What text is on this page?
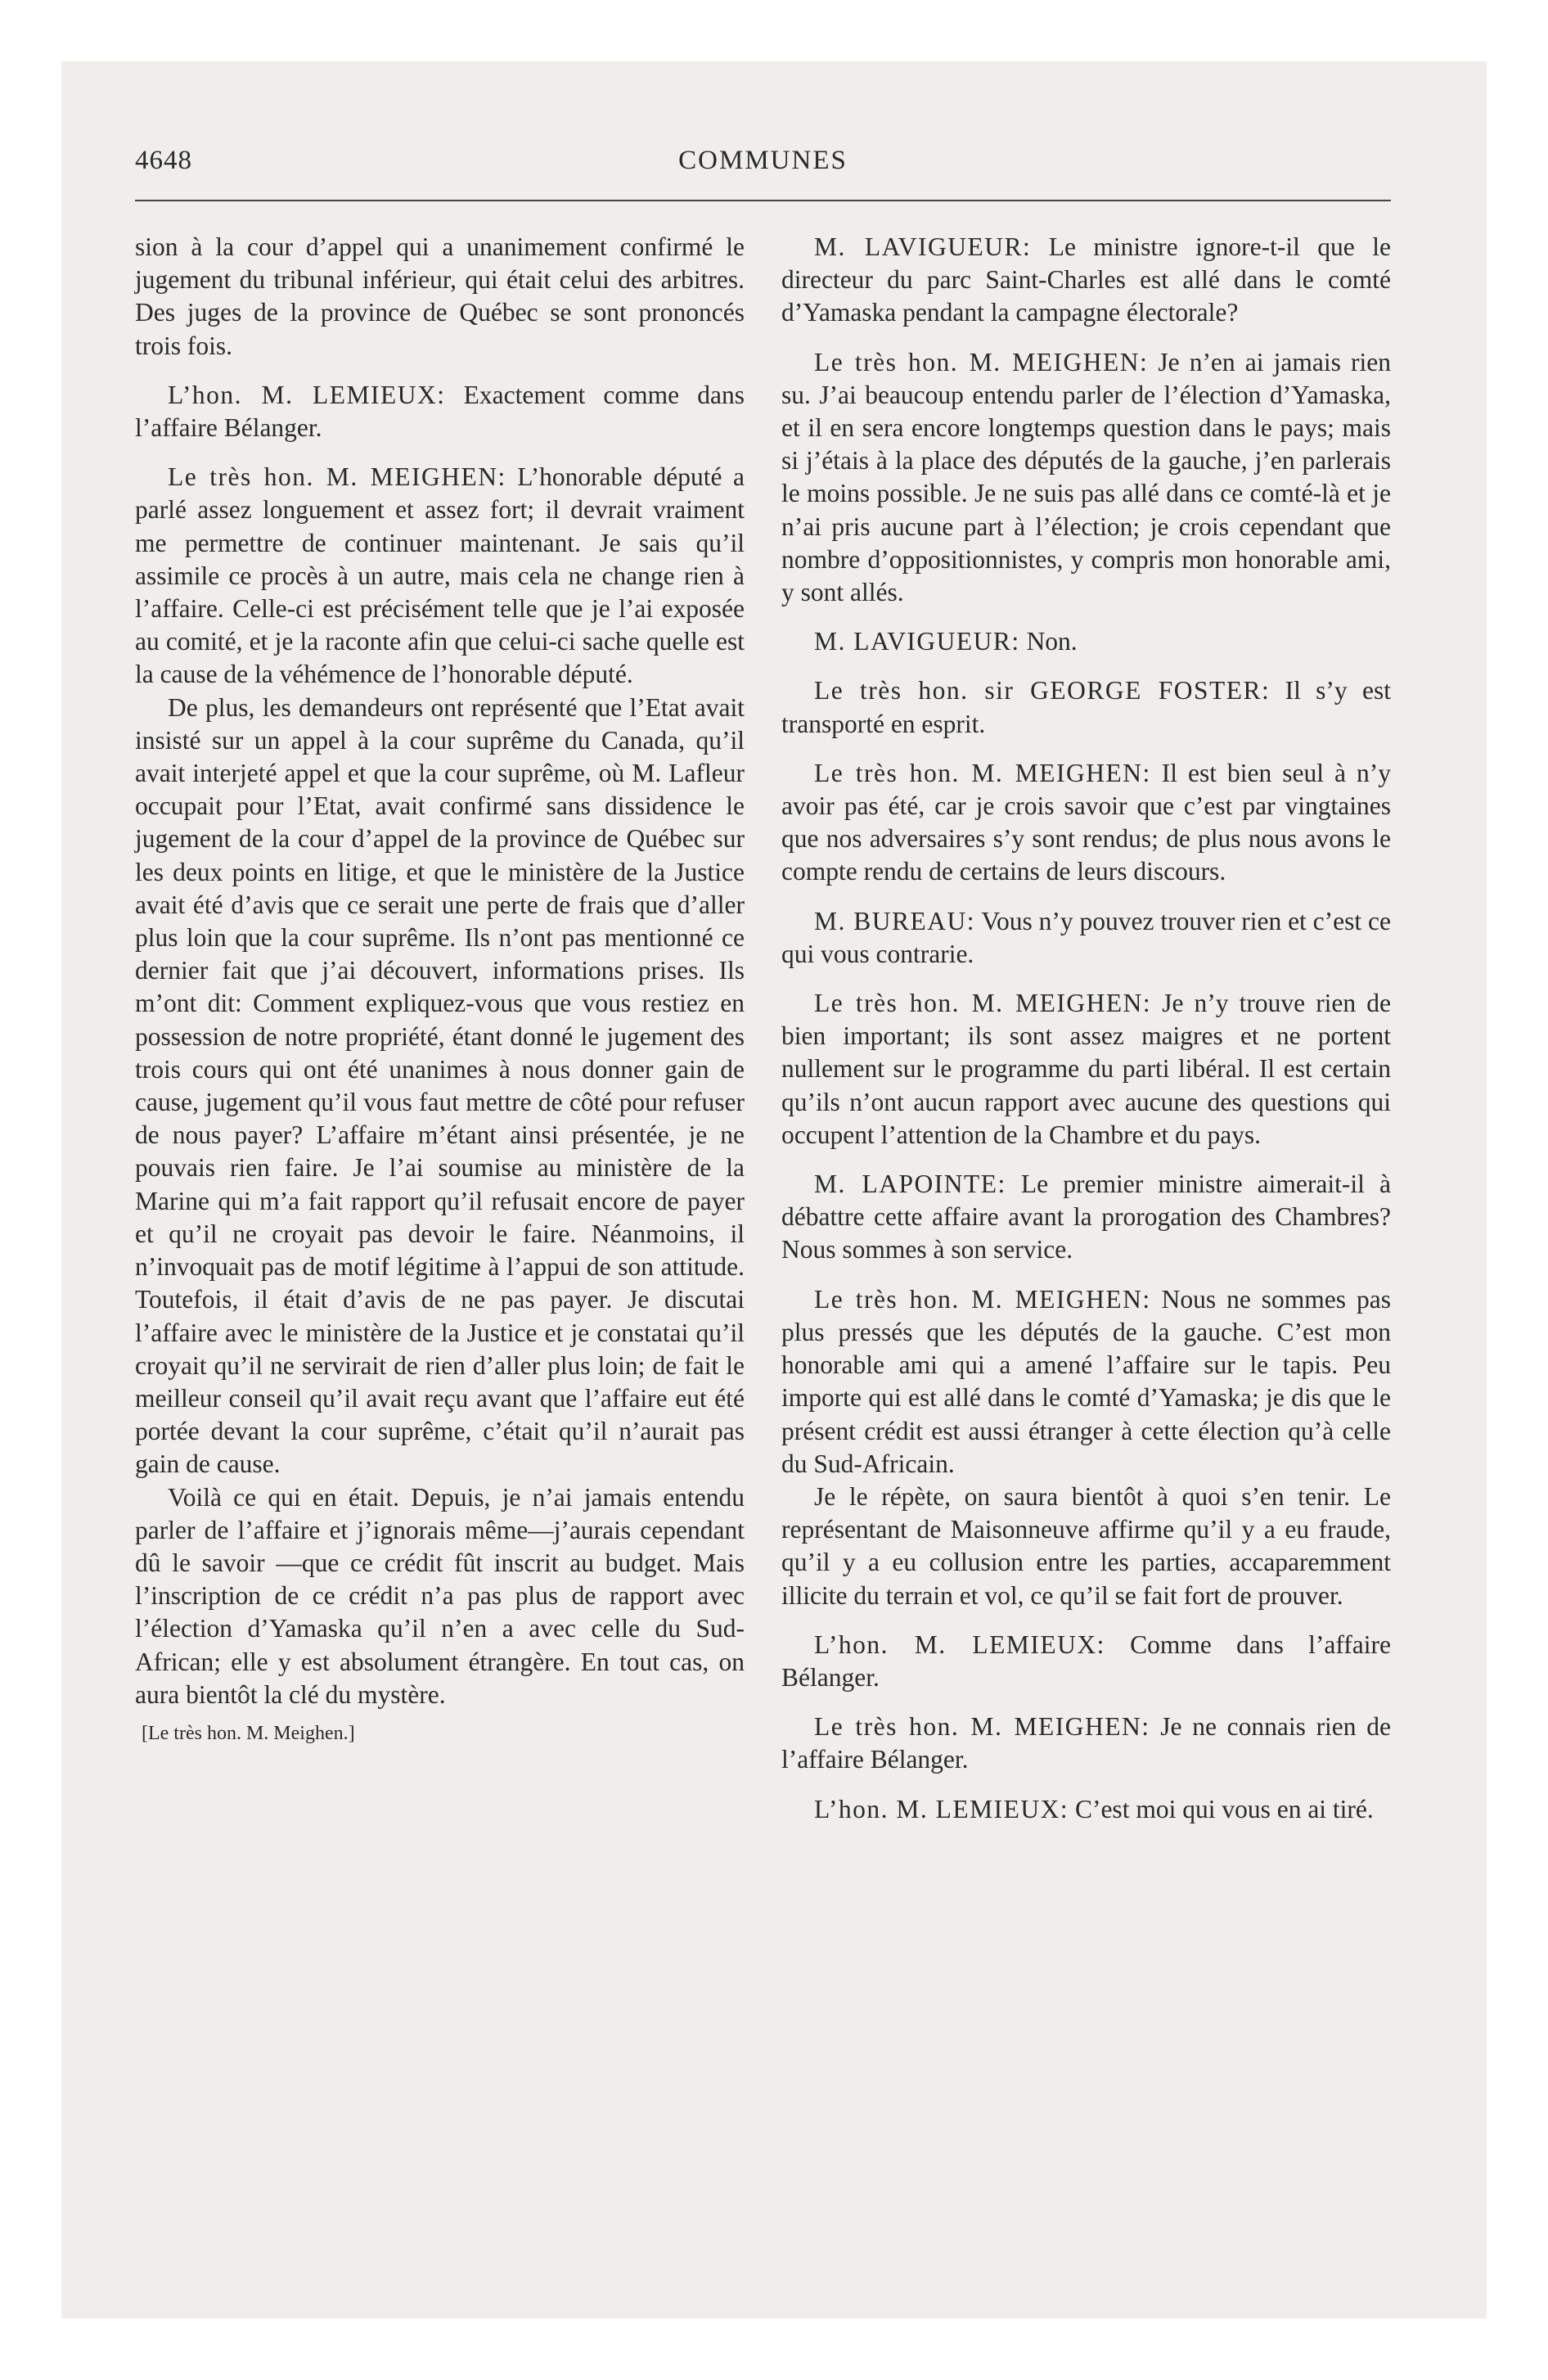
4648	COMMUNES

sion à la cour d’appel qui a unanimement confirmé le jugement du tribunal inférieur, qui était celui des arbitres. Des juges de la province de Québec se sont prononcés trois fois.

L’hon. M. LEMIEUX: Exactement comme dans l’affaire Bélanger.

Le très hon. M. MEIGHEN: L’honorable député a parlé assez longuement et assez fort; il devrait vraiment me permettre de continuer maintenant. Je sais qu’il assimile ce procès à un autre, mais cela ne change rien à l’affaire. Celle-ci est précisément telle que je l’ai exposée au comité, et je la raconte afin que celui-ci sache quelle est la cause de la véhémence de l’honorable député.

De plus, les demandeurs ont représenté que l’Etat avait insisté sur un appel à la cour suprême du Canada, qu’il avait interjeté appel et que la cour suprême, où M. Lafleur occupait pour l’Etat, avait confirmé sans dissidence le jugement de la cour d’appel de la province de Québec sur les deux points en litige, et que le ministère de la Justice avait été d’avis que ce serait une perte de frais que d’aller plus loin que la cour suprême. Ils n’ont pas mentionné ce dernier fait que j’ai découvert, informations prises. Ils m’ont dit: Comment expliquez-vous que vous restiez en possession de notre propriété, étant donné le jugement des trois cours qui ont été unanimes à nous donner gain de cause, jugement qu’il vous faut mettre de côté pour refuser de nous payer? L’affaire m’étant ainsi présentée, je ne pouvais rien faire. Je l’ai soumise au ministère de la Marine qui m’a fait rapport qu’il refusait encore de payer et qu’il ne croyait pas devoir le faire. Néanmoins, il n’invoquait pas de motif légitime à l’appui de son attitude. Toutefois, il était d’avis de ne pas payer. Je discutai l’affaire avec le ministère de la Justice et je constatai qu’il croyait qu’il ne servirait de rien d’aller plus loin; de fait le meilleur conseil qu’il avait reçu avant que l’affaire eut été portée devant la cour suprême, c’était qu’il n’aurait pas gain de cause.

Voilà ce qui en était. Depuis, je n’ai jamais entendu parler de l’affaire et j’ignorais même—j’aurais cependant dû le savoir —que ce crédit fût inscrit au budget. Mais l’inscription de ce crédit n’a pas plus de rapport avec l’élection d’Yamaska qu’il n’en a avec celle du Sud-African; elle y est absolument étrangère. En tout cas, on aura bientôt la clé du mystère.

[Le très hon. M. Meighen.]

M. LAVIGUEUR: Le ministre ignore-t-il que le directeur du parc Saint-Charles est allé dans le comté d’Yamaska pendant la campagne électorale?

Le très hon. M. MEIGHEN: Je n’en ai jamais rien su. J’ai beaucoup entendu parler de l’élection d’Yamaska, et il en sera encore longtemps question dans le pays; mais si j’étais à la place des députés de la gauche, j’en parlerais le moins possible. Je ne suis pas allé dans ce comté-là et je n’ai pris aucune part à l’élection; je crois cependant que nombre d’oppositionnistes, y compris mon honorable ami, y sont allés.

M. LAVIGUEUR: Non.

Le très hon. sir GEORGE FOSTER: Il s’y est transporté en esprit.

Le très hon. M. MEIGHEN: Il est bien seul à n’y avoir pas été, car je crois savoir que c’est par vingtaines que nos adversaires s’y sont rendus; de plus nous avons le compte rendu de certains de leurs discours.

M. BUREAU: Vous n’y pouvez trouver rien et c’est ce qui vous contrarie.

Le très hon. M. MEIGHEN: Je n’y trouve rien de bien important; ils sont assez maigres et ne portent nullement sur le programme du parti libéral. Il est certain qu’ils n’ont aucun rapport avec aucune des questions qui occupent l’attention de la Chambre et du pays.

M. LAPOINTE: Le premier ministre aimerait-il à débattre cette affaire avant la prorogation des Chambres? Nous sommes à son service.

Le très hon. M. MEIGHEN: Nous ne sommes pas plus pressés que les députés de la gauche. C’est mon honorable ami qui a amené l’affaire sur le tapis. Peu importe qui est allé dans le comté d’Yamaska; je dis que le présent crédit est aussi étranger à cette élection qu’à celle du Sud-Africain.

Je le répète, on saura bientôt à quoi s’en tenir. Le représentant de Maisonneuve affirme qu’il y a eu fraude, qu’il y a eu collusion entre les parties, accaparemment illicite du terrain et vol, ce qu’il se fait fort de prouver.

L’hon. M. LEMIEUX: Comme dans l’affaire Bélanger.

Le très hon. M. MEIGHEN: Je ne connais rien de l’affaire Bélanger.

L’hon. M. LEMIEUX: C’est moi qui vous en ai tiré.
